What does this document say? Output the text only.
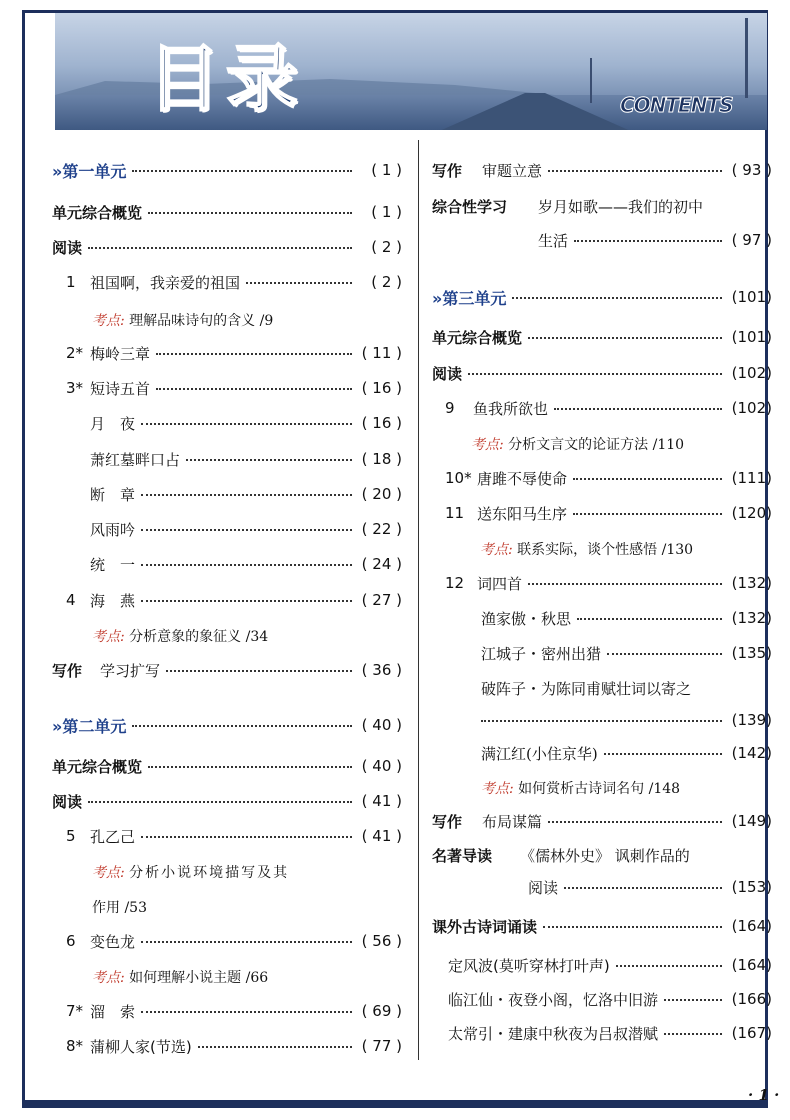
目录	CONTENTS
»第一单元	( 1 )
单元综合概览	( 1 )
阅读	( 2 )
1 祖国啊，我亲爱的祖国	( 2 )
考点: 理解品味诗句的含义 /9
2* 梅岭三章	( 11 )
3* 短诗五首	( 16 )
月　夜	( 16 )
萧红墓畔口占	( 18 )
断　章	( 20 )
风雨吟	( 22 )
统　一	( 24 )
4 海　燕	( 27 )
考点: 分析意象的象征义 /34
写作	学习扩写	( 36 )
»第二单元	( 40 )
单元综合概览	( 40 )
阅读	( 41 )
5 孔乙己	( 41 )
考点: 分析小说环境描写及其
作用 /53
6 变色龙	( 56 )
考点: 如何理解小说主题 /66
7* 溜　索	( 69 )
8* 蒲柳人家(节选)	( 77 )
写作	审题立意	( 93 )
综合性学习	岁月如歌——我们的初中
生活	( 97 )
»第三单元	(101)
单元综合概览	(101)
阅读	(102)
9	鱼我所欲也	(102)
考点: 分析文言文的论证方法 /110
10* 唐雎不辱使命	(111)
11 送东阳马生序	(120)
考点: 联系实际，谈个性感悟 /130
12 词四首	(132)
渔家傲・秋思	(132)
江城子・密州出猎	(135)
破阵子・为陈同甫赋壮词以寄之
(139)
满江红(小住京华)	(142)
考点: 如何赏析古诗词名句 /148
写作	布局谋篇	(149)
名著导读	《儒林外史》 讽刺作品的
阅读	(153)
课外古诗词诵读	(164)
定风波(莫听穿林打叶声)	(164)
临江仙・夜登小阁，忆洛中旧游	(166)
太常引・建康中秋夜为吕叔潜赋	(167)
· 1 ·
